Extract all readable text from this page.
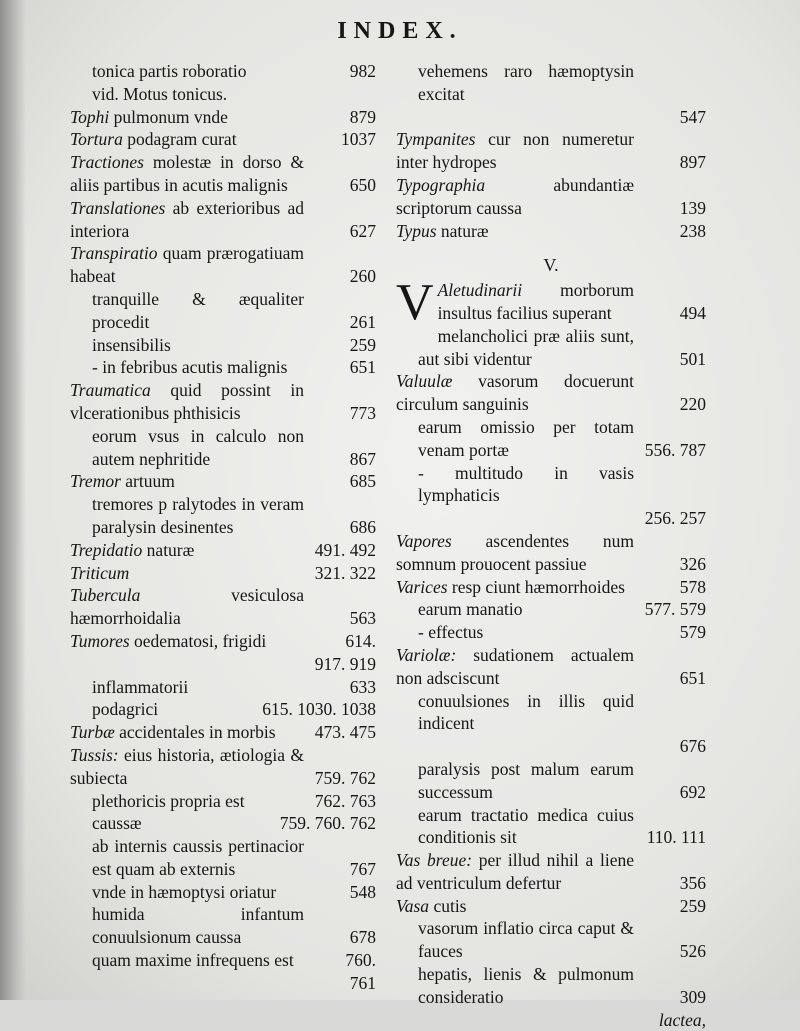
INDEX.
tonica partis roboratio	982
vid. Motus tonicus.
Tophi pulmonum vnde	879
Tortura podagram curat	1037
Tractiones molestæ in dorso & aliis partibus in acutis malignis	650
Translationes ab exterioribus ad interiora	627
Transpiratio quam prærogatiuam habeat	260
tranquille & æqualiter procedit	261
insensibilis	259
- in febribus acutis malignis	651
Traumatica quid possint in vlcerationibus phthisicis	773
eorum vsus in calculo non autem nephritide	867
Tremor artuum	685
tremores p ralytodes in veram paralysin desinentes	686
Trepidatio naturæ	491. 492
Triticum	321. 322
Tubercula vesiculosa hæmorrhoidalia	563
Tumores oedematosi, frigidi	614.
917. 919
inflammatorii	633
podagrici	615. 1030. 1038
Turbæ accidentales in morbis 473. 475
Tussis: eius historia, ætiologia & subiecta	759. 762
plethoricis propria est	762. 763
caussæ	759. 760. 762
ab internis caussis pertinacior est quam ab externis	767
vnde in hæmoptysi oriatur	548
humida infantum conuulsionum caussa	678
quam maxime infrequens est	760.
761
vehemens raro hæmoptysin excitat
547
Tympanites cur non numeretur inter hydropes	897
Typographia abundantiæ scriptorum caussa	139
Typus naturæ	238
V.
V Aletudinarii morborum insultus facilius superant	494
melancholici præ aliis sunt, aut sibi videntur	501
Valuulæ vasorum docuerunt circulum sanguinis	220
earum omissio per totam venam portæ	556. 787
- multitudo in vasis lymphaticis
256. 257
Vapores ascendentes num somnum prouocent passiue	326
Varices resp ciunt hæmorrhoides	578
earum manatio	577. 579
- effectus	579
Variolæ: sudationem actualem non adsciscunt	651
conuulsiones in illis quid indicent
676
paralysis post malum earum successum	692
earum tractatio medica cuius conditionis sit	110. 111
Vas breue: per illud nihil a liene ad ventriculum defertur	356
Vasa cutis	259
vasorum inflatio circa caput & fauces	526
hepatis, lienis & pulmonum consideratio	309
lactea,
